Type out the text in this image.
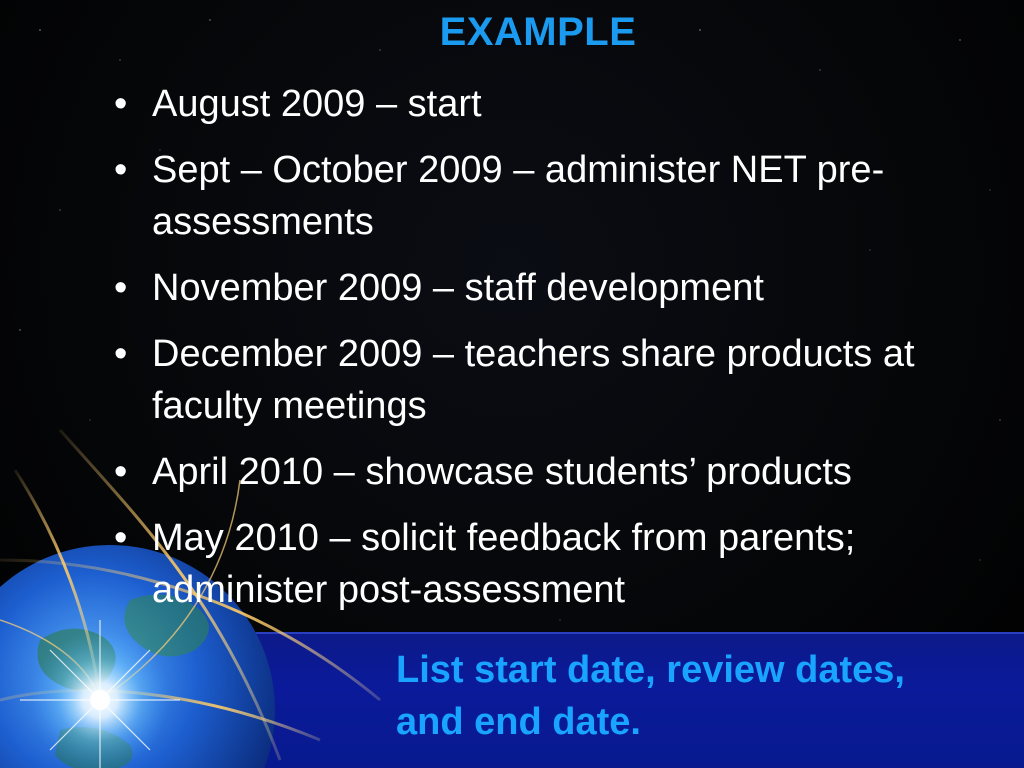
EXAMPLE
• August 2009 – start
• Sept – October 2009 – administer NET pre-assessments
• November 2009 – staff development
• December 2009 – teachers share products at faculty meetings
• April 2010 – showcase students’ products
• May 2010 – solicit feedback from parents; administer post-assessment
List start date, review dates, and end date.
